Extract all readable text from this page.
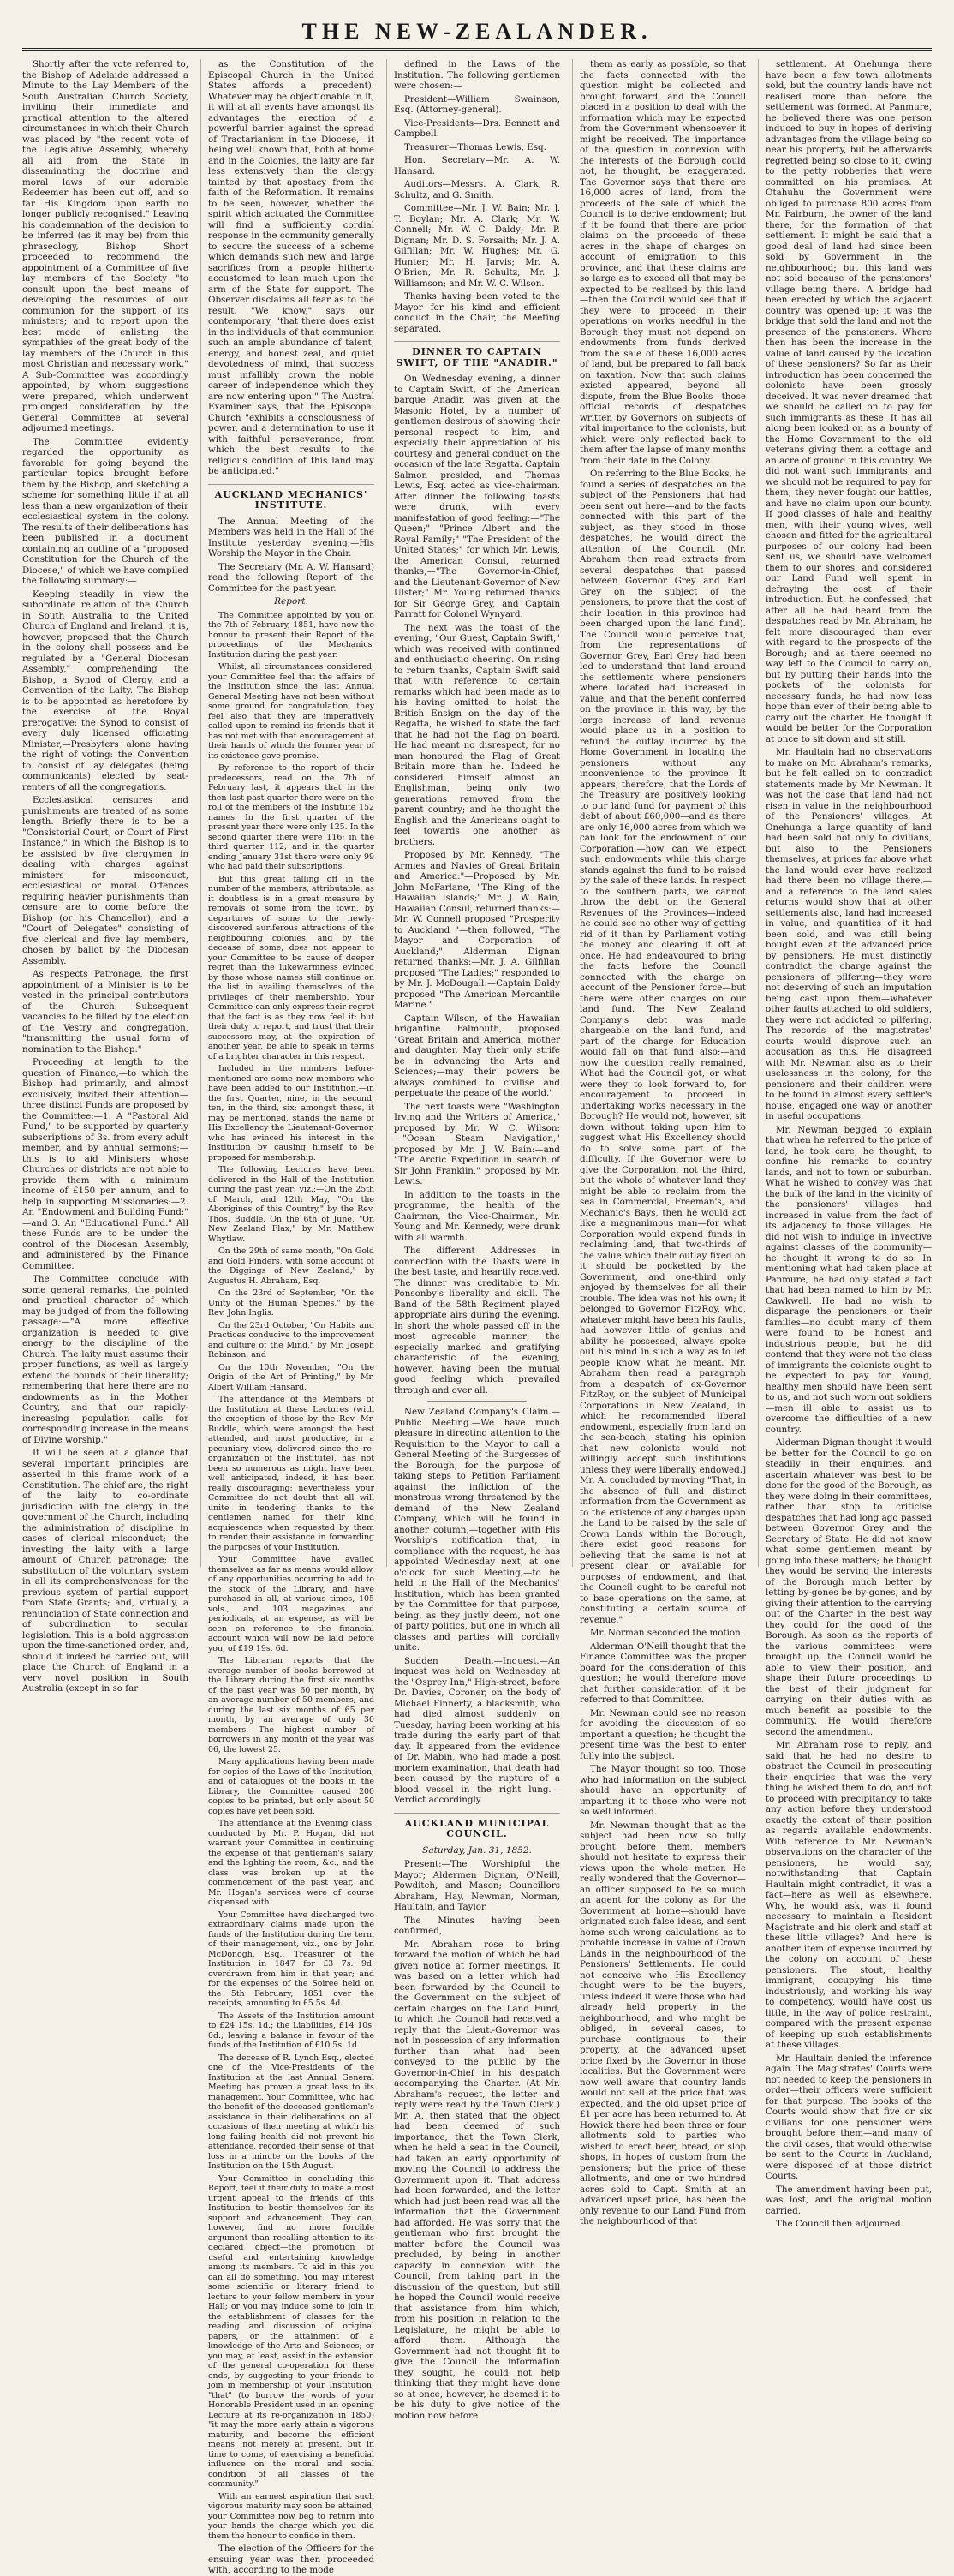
THE NEW-ZEALANDER.

Shortly after the vote referred to, the Bishop of Adelaide addressed a Minute to the Lay Members of the South Australian Church Society, inviting their immediate and practical attention to the altered circumstances in which their Church was placed by "the recent vote of the Legislative Assembly, whereby all aid from the State in disseminating the doctrine and moral laws of our adorable Redeemer has been cut off, and so far His Kingdom upon earth no longer publicly recognised." Leaving his condemnation of the decision to be inferred (as it may be) from this phraseology, Bishop Short proceeded to recommend the appointment of a Committee of five lay members of the Society "to consult upon the best means of developing the resources of our communion for the support of its ministers; and to report upon the best mode of enlisting the sympathies of the great body of the lay members of the Church in this most Christian and necessary work." A Sub-Committee was accordingly appointed, by whom suggestions were prepared, which underwent prolonged consideration by the General Committee at several adjourned meetings.

The Committee evidently regarded the opportunity as favorable for going beyond the particular topics brought before them by the Bishop, and sketching a scheme for something little if at all less than a new organization of their ecclesiastical system in the colony. The results of their deliberations has been published in a document containing an outline of a "proposed Constitution for the Church of the Diocese," of which we have compiled the following summary:—

Keeping steadily in view the subordinate relation of the Church in South Australia to the United Church of England and Ireland, it is, however, proposed that the Church in the colony shall possess and be regulated by a "General Diocesan Assembly," comprehending the Bishop, a Synod of Clergy, and a Convention of the Laity. The Bishop is to be appointed as heretofore by the exercise of the Royal prerogative: the Synod to consist of every duly licensed officiating Minister,—Presbyters alone having the right of voting: the Convention to consist of lay delegates (being communicants) elected by seat-renters of all the congregations.

Ecclesiastical censures and punishments are treated of as some length. Briefly—there is to be a "Consistorial Court, or Court of First Instance," in which the Bishop is to be assisted by five clergymen in dealing with charges against ministers for misconduct, ecclesiastical or moral. Offences requiring heavier punishments than censure are to come before the Bishop (or his Chancellor), and a "Court of Delegates" consisting of five clerical and five lay members, chosen by ballot by the Diocesan Assembly.

As respects Patronage, the first appointment of a Minister is to be vested in the principal contributors of the Church. Subsequent vacancies to be filled by the election of the Vestry and congregation, "transmitting the usual form of nomination to the Bishop."

Proceeding at length to the question of Finance,—to which the Bishop had primarily, and almost exclusively, invited their attention—three distinct Funds are proposed by the Committee:—1. A "Pastoral Aid Fund," to be supported by quarterly subscriptions of 3s. from every adult member, and by annual sermons;—this is to aid Ministers whose Churches or districts are not able to provide them with a minimum income of £150 per annum, and to help in supporting Missionaries:—2. An "Endowment and Building Fund:" —and 3. An "Educational Fund." All these Funds are to be under the control of the Diocesan Assembly, and administered by the Finance Committee.

The Committee conclude with some general remarks, the pointed and practical character of which may be judged of from the following passage:—"A more effective organization is needed to give energy to the discipline of the Church. The laity must assume their proper functions, as well as largely extend the bounds of their liberality; remembering that here there are no endowments as in the Mother Country, and that our rapidly-increasing population calls for corresponding increase in the means of Divine worship."

It will be seen at a glance that several important principles are asserted in this frame work of a Constitution. The chief are, the right of the laity to co-ordinate jurisdiction with the clergy in the government of the Church, including the administration of discipline in cases of clerical misconduct; the investing the laity with a large amount of Church patronage; the substitution of the voluntary system in all its comprehensiveness for the previous system of partial support from State Grants; and, virtually, a renunciation of State connection and of subordination to secular legislation. This is a bold aggression upon the time-sanctioned order, and, should it indeed be carried out, will place the Church of England in a very novel position in South Australia (except in so far

as the Constitution of the Episcopal Church in the United States affords a precedent). Whatever may be objectionable in it, it will at all events have amongst its advantages the erection of a powerful barrier against the spread of Tractarianism in the Diocese,—it being well known that, both at home and in the Colonies, the laity are far less extensively than the clergy tainted by that apostacy from the faith of the Reformation. It remains to be seen, however, whether the spirit which actuated the Committee will find a sufficiently cordial response in the community generally to secure the success of a scheme which demands such new and large sacrifices from a people hitherto accustomed to lean much upon the arm of the State for support. The Observer disclaims all fear as to the result. "We know," says our contemporary, "that there does exist in the individuals of that communion such an ample abundance of talent, energy, and honest zeal, and quiet devotedness of mind, that success must infallibly crown the noble career of independence which they are now entering upon." The Austral Examiner says, that the Episcopal Church "exhibits a consciousness of power, and a determination to use it with faithful perseverance, from which the best results to the religious condition of this land may be anticipated."

AUCKLAND MECHANICS' INSTITUTE.

The Annual Meeting of the Members was held in the Hall of the Institute yesterday evening;—His Worship the Mayor in the Chair.

The Secretary (Mr. A. W. Hansard) read the following Report of the Committee for the past year.

Report.

The Committee appointed by you on the 7th of February, 1851, have now the honour to present their Report of the proceedings of the Mechanics' Institution during the past year.

Whilst, all circumstances considered, your Committee feel that the affairs of the Institution since the last Annual General Meeting have not been without some ground for congratulation, they feel also that they are imperatively called upon to remind its friends that it has not met with that encouragement at their hands of which the former year of its existence gave promise.

By reference to the report of their predecessors, read on the 7th of February last, it appears that in the then last past quarter there were on the roll of the members of the Institute 152 names. In the first quarter of the present year there were only 125. In the second quarter there were 116; in the third quarter 112; and in the quarter ending January 31st there were only 99 who had paid their subscriptions.

But this great falling off in the number of the members, attributable, as it doubtless is in a great measure by removals of some from the town, by departures of some to the newly-discovered auriferous attractions of the neighbouring colonies, and by the decease of some, does not appear to your Committee to be cause of deeper regret than the lukewarmness evinced by those whose names still continue on the list in availing themselves of the privileges of their membership. Your Committee can only express their regret that the fact is as they now feel it; but their duty to report, and trust that their successors may, at the expiration of another year, be able to speak in terms of a brighter character in this respect.

Included in the numbers before-mentioned are some new members who have been added to our Institution,—in the first Quarter, nine, in the second, ten, in the third, six; amongst these, it may be mentioned, stands the name of His Excellency the Lieutenant-Governor, who has evinced his interest in the Institution by causing himself to be proposed for membership.

The following Lectures have been delivered in the Hall of the Institution during the past year; viz.:—On the 25th of March, and 12th May, "On the Aborigines of this Country," by the Rev. Thos. Buddle. On the 6th of June, "On New Zealand Flax," by Mr. Matthew Whytlaw.

On the 29th of same month, "On Gold and Gold Finders, with some account of the Diggings of New Zealand," by Augustus H. Abraham, Esq.

On the 23rd of September, "On the Unity of the Human Species," by the Rev. John Inglis.

On the 23rd October, "On Habits and Practices conducive to the improvement and culture of the Mind," by Mr. Joseph Robinson, and

On the 10th November, "On the Origin of the Art of Printing," by Mr. Albert William Hansard.

The attendance of the Members of the Institution at these Lectures (with the exception of those by the Rev. Mr. Buddle, which were amongst the best attended, and most productive, in a pecuniary view, delivered since the re-organization of the Institute), has not been so numerous as might have been well anticipated, indeed, it has been really discouraging; nevertheless your Committee do not doubt that all will unite in tendering thanks to the gentlemen named for their kind acquiescence when requested by them to render their assistance in forwarding the purposes of your Institution.

Your Committee have availed themselves as far as means would allow, of any opportunities occurring to add to the stock of the Library, and have purchased in all, at various times, 105 vols., and 103 magazines and periodicals, at an expense, as will be seen on reference to the financial account which will now be laid before you, of £19 19s. 6d.

The Librarian reports that the average number of books borrowed at the Library during the first six months of the past year was 60 per month, by an average number of 50 members; and during the last six months of 65 per month, by an average of only 30 members. The highest number of borrowers in any month of the year was 06, the lowest 25.

Many applications having been made for copies of the Laws of the Institution, and of catalogues of the books in the Library, the Committee caused 200 copies to be printed, but only about 50 copies have yet been sold.

The attendance at the Evening class, conducted by Mr. P. Hogan, did not warrant your Committee in continuing the expense of that gentleman's salary, and the lighting the room, &c., and the class was broken up at the commencement of the past year, and Mr. Hogan's services were of course dispensed with.

Your Committee have discharged two extraordinary claims made upon the funds of the Institution during the term of their management, viz., one by John McDonogh, Esq., Treasurer of the Institution in 1847 for £3 7s. 9d. overdrawn from him in that year; and for the expenses of the Soiree held on the 5th February, 1851 over the receipts, amounting to £5 5s. 4d.

The Assets of the Institution amount to £24 15s. 1d.; the Liabilities, £14 10s. 0d.; leaving a balance in favour of the funds of the Institution of £10 5s. 1d.

The decease of R. Lynch Esq., elected one of the Vice-Presidents of the Institution at the last Annual General Meeting has proven a great loss to its management. Your Committee, who had the benefit of the deceased gentleman's assistance in their deliberations on all occasions of their meeting at which his long failing health did not prevent his attendance, recorded their sense of that loss in a minute on the books of the Institution on the 15th August.

Your Committee in concluding this Report, feel it their duty to make a most urgent appeal to the friends of this Institution to bestir themselves for its support and advancement. They can, however, find no more forcible argument than recalling attention to its declared object—the promotion of useful and entertaining knowledge among its members. To aid in this you can all do something. You may interest some scientific or literary friend to lecture to your fellow members in your Hall; or you may induce some to join in the establishment of classes for the reading and discussion of original papers, or the attainment of a knowledge of the Arts and Sciences; or you may, at least, assist in the extension of the general co-operation for these ends, by suggesting to your friends to join in membership of your Institution, "that" (to borrow the words of your Honorable President used in an opening Lecture at its re-organization in 1850) "it may the more early attain a vigorous maturity, and become the efficient means, not merely at present, but in time to come, of exercising a beneficial influence on the moral and social condition of all classes of the community."

With an earnest aspiration that such vigorous maturity may soon be attained, your Committee now beg to return into your hands the charge which you did them the honour to confide in them.

The election of the Officers for the ensuing year was then proceeded with, according to the mode

defined in the Laws of the Institution. The following gentlemen were chosen:—

President—William Swainson, Esq. (Attorney-general).

Vice-Presidents—Drs. Bennett and Campbell.

Treasurer—Thomas Lewis, Esq.

Hon. Secretary—Mr. A. W. Hansard.

Auditors—Messrs. A. Clark, R. Schultz, and G. Smith.

Committee—Mr. J. W. Bain; Mr. J. T. Boylan; Mr. A. Clark; Mr. W. Connell; Mr. W. C. Daldy; Mr. P. Dignan; Mr. D. S. Forsaith; Mr. J. A. Gilfillan; Mr. W. Hughes; Mr. G. Hunter; Mr. H. Jarvis; Mr. A. O'Brien; Mr. R. Schultz; Mr. J. Williamson; and Mr. W. C. Wilson.

Thanks having been voted to the Mayor for his kind and efficient conduct in the Chair, the Meeting separated.

DINNER TO CAPTAIN SWIFT, OF THE "ANADIR."

On Wednesday evening, a dinner to Captain Swift, of the American barque Anadir, was given at the Masonic Hotel, by a number of gentlemen desirous of showing their personal respect to him, and especially their appreciation of his courtesy and general conduct on the occasion of the late Regatta. Captain Salmon presided, and Thomas Lewis, Esq. acted as vice-chairman. After dinner the following toasts were drunk, with every manifestation of good feeling:—"The Queen;" "Prince Albert and the Royal Family;" "The President of the United States;" for which Mr. Lewis, the American Consul, returned thanks;—"The Governor-in-Chief, and the Lieutenant-Governor of New Ulster;" Mr. Young returned thanks for Sir George Grey, and Captain Parratt for Colonel Wynyard.

The next was the toast of the evening, "Our Guest, Captain Swift," which was received with continued and enthusiastic cheering. On rising to return thanks, Captain Swift said that with reference to certain remarks which had been made as to his having omitted to hoist the British Ensign on the day of the Regatta, he wished to state the fact that he had not the flag on board. He had meant no disrespect, for no man honoured the Flag of Great Britain more than he. Indeed he considered himself almost an Englishman, being only two generations removed from the parent country; and he thought the English and the Americans ought to feel towards one another as brothers.

Proposed by Mr. Kennedy, "The Armies and Navies of Great Britain and America:"—Proposed by Mr. John McFarlane, "The King of the Hawaiian Islands;" Mr. J. W. Bain, Hawaiian Consul, returned thanks:—Mr. W. Connell proposed "Prosperity to Auckland "—then followed, "The Mayor and Corporation of Auckland;" Alderman Dignan returned thanks:—Mr. J. A. Gilfillan proposed "The Ladies;" responded to by Mr. J. McDougall:—Captain Daldy proposed "The American Mercantile Marine."

Captain Wilson, of the Hawaiian brigantine Falmouth, proposed "Great Britain and America, mother and daughter. May their only strife be in advancing the Arts and Sciences;—may their powers be always combined to civilise and perpetuate the peace of the world."

The next toasts were "Washington Irving and the Writers of America," proposed by Mr. W. C. Wilson:—"Ocean Steam Navigation," proposed by Mr. J. W. Bain:—and "The Arctic Expedition in search of Sir John Franklin," proposed by Mr. Lewis.

In addition to the toasts in the programme, the health of the Chairman, the Vice-Chairman, Mr. Young and Mr. Kennedy, were drunk with all warmth.

The different Addresses in connection with the Toasts were in the best taste, and heartily received. The dinner was creditable to Mr. Ponsonby's liberality and skill. The Band of the 58th Regiment played appropriate airs during the evening. In short the whole passed off in the most agreeable manner; the especially marked and gratifying characteristic of the evening, however, having been the mutual good feeling which prevailed through and over all.

New Zealand Company's Claim.—Public Meeting.—We have much pleasure in directing attention to the Requisition to the Mayor to call a General Meeting of the Burgesses of the Borough, for the purpose of taking steps to Petition Parliament against the infliction of the monstrous wrong threatened by the demand of the New Zealand Company, which will be found in another column,—together with His Worship's notification that, in compliance with the request, he has appointed Wednesday next, at one o'clock for such Meeting,—to be held in the Hall of the Mechanics' Institution, which has been granted by the Committee for that purpose, being, as they justly deem, not one of party politics, but one in which all classes and parties will cordially unite.

Sudden Death.—Inquest.—An inquest was held on Wednesday at the "Osprey Inn," High-street, before Dr. Davies, Coroner, on the body of Michael Finnerty, a blacksmith, who had died almost suddenly on Tuesday, having been working at his trade during the early part of that day. It appeared from the evidence of Dr. Mabin, who had made a post mortem examination, that death had been caused by the rupture of a blood vessel in the right lung.—Verdict accordingly.

AUCKLAND MUNICIPAL COUNCIL.
Saturday, Jan. 31, 1852.

Present:—The Worshipful the Mayor; Aldermen Dignan, O'Neill, Powditch, and Mason; Councillors Abraham, Hay, Newman, Norman, Haultain, and Taylor.

The Minutes having been confirmed,

Mr. Abraham rose to bring forward the motion of which he had given notice at former meetings. It was based on a letter which had been forwarded by the Council to the Government on the subject of certain charges on the Land Fund, to which the Council had received a reply that the Lieut.-Governor was not in possession of any information further than what had been conveyed to the public by the Governor-in-Chief in his despatch accompanying the Charter. (At Mr. Abraham's request, the letter and reply were read by the Town Clerk.) Mr. A. then stated that the object had been deemed of such importance, that the Town Clerk, when he held a seat in the Council, had taken an early opportunity of moving the Council to address the Government upon it. That address had been forwarded, and the letter which had just been read was all the information that the Government had afforded. He was sorry that the gentleman who first brought the matter before the Council was precluded, by being in another capacity in connexion with the Council, from taking part in the discussion of the question, but still he hoped the Council would receive that assistance from him which, from his position in relation to the Legislature, he might be able to afford them. Although the Government had not thought fit to give the Council the information they sought, he could not help thinking that they might have done so at once; however, he deemed it to be his duty to give notice of the motion now before

them as early as possible, so that the facts connected with the question might be collected and brought forward, and the Council placed in a position to deal with the information which may be expected from the Government whensoever it might be received. The importance of the question in connexion with the interests of the Borough could not, he thought, be exaggerated. The Governor says that there are 16,000 acres of land, from the proceeds of the sale of which the Council is to derive endowment; but if it be found that there are prior claims on the proceeds of these acres in the shape of charges on account of emigration to this province, and that these claims are so large as to exceed all that may be expected to be realised by this land—then the Council would see that if they were to proceed in their operations on works needful in the Borough they must not depend on endowments from funds derived from the sale of these 16,000 acres of land, but be prepared to fall back on taxation. Now that such claims existed appeared, beyond all dispute, from the Blue Books—those official records of despatches written by Governors on subjects of vital importance to the colonists, but which were only reflected back to them after the lapse of many months from their date in the Colony.

On referring to the Blue Books, he found a series of despatches on the subject of the Pensioners that had been sent out here—and to the facts connected with this part of the subject, as they stood in those despatches, he would direct the attention of the Council. (Mr. Abraham then read extracts from several despatches that passed between Governor Grey and Earl Grey on the subject of the pensioners, to prove that the cost of their location in this province had been charged upon the land fund). The Council would perceive that, from the representations of Governor Grey, Earl Grey had been led to understand that land around the settlements where pensioners where located had increased in value, and that the benefit conferred on the province in this way, by the large increase of land revenue would place us in a position to refund the outlay incurred by the Home Government in locating the pensioners without any inconvenience to the province. It appears, therefore, that the Lords of the Treasury are positively looking to our land fund for payment of this debt of about £60,000—and as there are only 16,000 acres from which we can look for the endowment of our Corporation,—how can we expect such endowments while this charge stands against the fund to be raised by the sale of these lands. In respect to the southern parts, we cannot throw the debt on the General Revenues of the Provinces—indeed he could see no other way of getting rid of it than by Parliament voting the money and clearing it off at once. He had endeavoured to bring the facts before the Council connected with the charge on account of the Pensioner force—but there were other charges on our land fund. The New Zealand Company's debt was made chargeable on the land fund, and part of the charge for Education would fall on that fund also;—and now the question really remained, What had the Council got, or what were they to look forward to, for encouragement to proceed in undertaking works necessary in the Borough? He would not, however, sit down without taking upon him to suggest what His Excellency should do to solve some part of the difficulty. If the Governor were to give the Corporation, not the third, but the whole of whatever land they might be able to reclaim from the sea in Commercial, Freeman's, and Mechanic's Bays, then he would act like a magnanimous man—for what Corporation would expend funds in reclaiming land, that two-thirds of the value which their outlay fixed on it should be pocketted by the Government, and one-third only enjoyed by themselves for all their trouble. The idea was not his own; it belonged to Governor FitzRoy, who, whatever might have been his faults, had however little of genius and ability he possessed, always spoke out his mind in such a way as to let people know what he meant. Mr. Abraham then read a paragraph from a despatch of ex-Governor FitzRoy, on the subject of Municipal Corporations in New Zealand, in which he recommended liberal endowment, especially from land on the sea-beach, stating his opinion that new colonists would not willingly accept such institutions unless they were liberally endowed.] Mr. A. concluded by moving "That, in the absence of full and distinct information from the Government as to the existence of any charges upon the Land to be raised by the sale of Crown Lands within the Borough, there exist good reasons for believing that the same is not at present clear or available for purposes of endowment, and that the Council ought to be careful not to base operations on the same, at constituting a certain source of revenue."

Mr. Norman seconded the motion.

Alderman O'Neill thought that the Finance Committee was the proper board for the consideration of this question; he would therefore move that further consideration of it be referred to that Committee.

Mr. Newman could see no reason for avoiding the discussion of so important a question; he thought the present time was the best to enter fully into the subject.

The Mayor thought so too. Those who had information on the subject should have an opportunity of imparting it to those who were not so well informed.

Mr. Newman thought that as the subject had been now so fully brought before them, members should not hesitate to express their views upon the whole matter. He really wondered that the Governor—an officer supposed to be so much an agent for the colony as for the Government at home—should have originated such false ideas, and sent home such wrong calculations as to probable increase in value of Crown Lands in the neighbourhood of the Pensioners' Settlements. He could not conceive who His Excellency thought were to be the buyers, unless indeed it were those who had already held property in the neighbourhood, and who might be obliged, in several cases, to purchase contiguous to their property, at the advanced upset price fixed by the Governor in those localities. But the Government were now well aware that country lands would not sell at the price that was expected, and the old upset price of £1 per acre has been returned to. At Howick there had been three or four allotments sold to parties who wished to erect beer, bread, or slop shops, in hopes of custom from the pensioners; but the price of these allotments, and one or two hundred acres sold to Capt. Smith at an advanced upset price, has been the only revenue to our Land Fund from the neighbourhood of that

settlement. At Onehunga there have been a few town allotments sold, but the country lands have not realised more than before the settlement was formed. At Panmure, he believed there was one person induced to buy in hopes of deriving advantages from the village being so near his property, but he afterwards regretted being so close to it, owing to the petty robberies that were committed on his premises. At Otahuhu the Government were obliged to purchase 800 acres from Mr. Fairburn, the owner of the land there, for the formation of that settlement. It might be said that a good deal of land had since been sold by Government in the neighbourhood; but this land was not sold because of the pensioners' village being there. A bridge had been erected by which the adjacent country was opened up; it was the bridge that sold the land and not the presence of the pensioners. Where then has been the increase in the value of land caused by the location of these pensioners? So far as their introduction has been concerned the colonists have been grossly deceived. It was never dreamed that we should be called on to pay for such immigrants as these. It has all along been looked on as a bounty of the Home Government to the old veterans giving them a cottage and an acre of ground in this country. We did not want such immigrants, and we should not be required to pay for them; they never fought our battles, and have no claim upon our bounty. If good classes of hale and healthy men, with their young wives, well chosen and fitted for the agricultural purposes of our colony had been sent us, we should have welcomed them to our shores, and considered our Land Fund well spent in defraying the cost of their introduction. But, he confessed, that after all he had heard from the despatches read by Mr. Abraham, he felt more discouraged than ever with regard to the prospects of the Borough; and as there seemed no way left to the Council to carry on, but by putting their hands into the pockets of the colonists for necessary funds, he had now less hope than ever of their being able to carry out the charter. He thought it would be better for the Corporation at once to sit down and sit still.

Mr. Haultain had no observations to make on Mr. Abraham's remarks, but he felt called on to contradict statements made by Mr. Newman. It was not the case that land had not risen in value in the neighbourhood of the Pensioners' villages. At Onehunga a large quantity of land had been sold not only to civilians, but also to the Pensioners themselves, at prices far above what the land would ever have realized had there been no village there,—and a reference to the land sales returns would show that at other settlements also, land had increased in value, and quantities of it had been sold, and was still being bought even at the advanced price by pensioners. He must distinctly contradict the charge against the pensioners of pilfering—they were not deserving of such an imputation being cast upon them—whatever other faults attached to old soldiers, they were not addicted to pilfering. The records of the magistrates' courts would disprove such an accusation as this. He disagreed with Mr. Newman also as to their uselessness in the colony, for the pensioners and their children were to be found in almost every settler's house, engaged one way or another in useful occupations.

Mr. Newman begged to explain that when he referred to the price of land, he took care, he thought, to confine his remarks to country lands, and not to town or suburban. What he wished to convey was that the bulk of the land in the vicinity of the pensioners' villages had increased in value from the fact of its adjacency to those villages. He did not wish to indulge in invective against classes of the community—he thought it wrong to do so. In mentioning what had taken place at Panmure, he had only stated a fact that had been named to him by Mr. Cawkwell. He had no wish to disparage the pensioners or their families—no doubt many of them were found to be honest and industrious people, but he did contend that they were not the class of immigrants the colonists ought to be expected to pay for. Young, healthy men should have been sent to us, and not such worn out soldiers—men ill able to assist us to overcome the difficulties of a new country.

Alderman Dignan thought it would be better for the Council to go on steadily in their enquiries, and ascertain whatever was best to be done for the good of the Borough, as they were doing in their committees, rather than stop to criticise despatches that had long ago passed between Governor Grey and the Secretary of State. He did not know what some gentlemen meant by going into these matters; he thought they would be serving the interests of the Borough much better by letting by-gones be by-gones, and by giving their attention to the carrying out of the Charter in the best way they could for the good of the Borough. As soon as the reports of the various committees were brought up, the Council would be able to view their position, and shape their future proceedings to the best of their judgment for carrying on their duties with as much benefit as possible to the community. He would therefore second the amendment.

Mr. Abraham rose to reply, and said that he had no desire to obstruct the Council in prosecuting their enquiries—that was the very thing he wished them to do, and not to proceed with precipitancy to take any action before they understood exactly the extent of their position as regards available endowments. With reference to Mr. Newman's observations on the character of the pensioners, he would say, notwithstanding that Captain Haultain might contradict, it was a fact—here as well as elsewhere. Why, he would ask, was it found necessary to maintain a Resident Magistrate and his clerk and staff at these little villages? And here is another item of expense incurred by the colony on account of these pensioners. The stout, healthy immigrant, occupying his time industriously, and working his way to competency, would have cost us little, in the way of police restraint, compared with the present expense of keeping up such establishments at these villages.

Mr. Haultain denied the inference again. The Magistrates' Courts were not needed to keep the pensioners in order—their officers were sufficient for that purpose. The books of the Courts would show that five or six civilians for one pensioner were brought before them—and many of the civil cases, that would otherwise be sent to the Courts in Auckland, were disposed of at those district Courts.

The amendment having been put, was lost, and the original motion carried.

The Council then adjourned.
